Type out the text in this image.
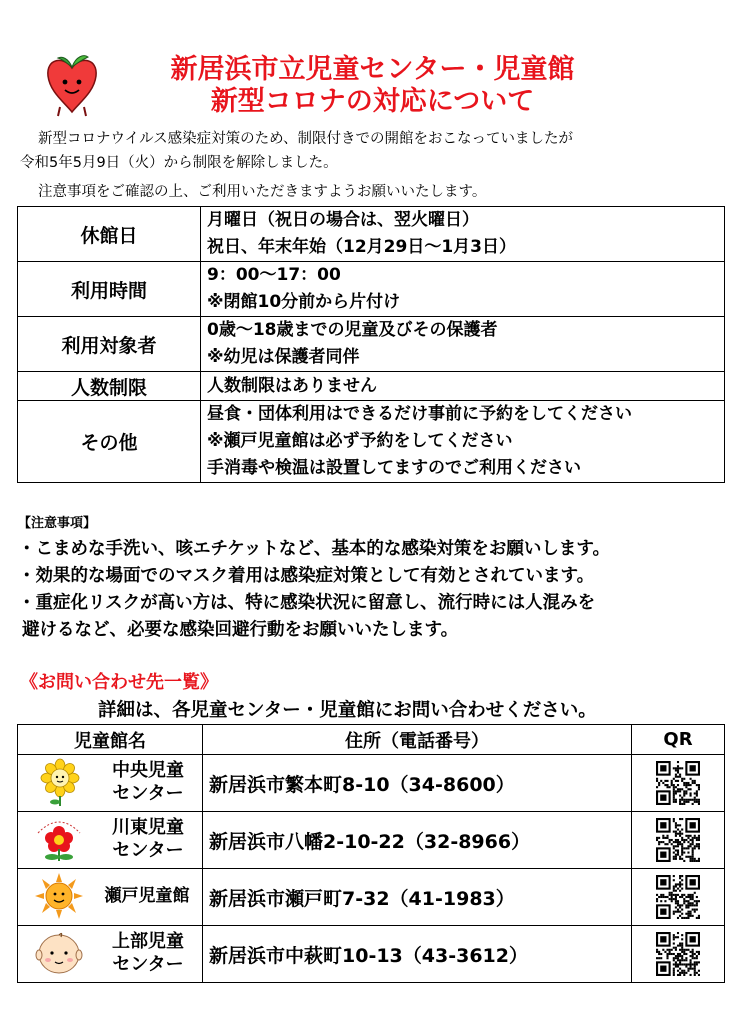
新居浜市立児童センター・児童館
新型コロナの対応について
新型コロナウイルス感染症対策のため、制限付きでの開館をおこなっていましたが
令和5年5月9日（火）から制限を解除しました。
注意事項をご確認の上、ご利用いただきますようお願いいたします。
休館日	月曜日（祝日の場合は、翌火曜日）
祝日、年末年始（12月29日～1月3日）

利用時間	9：00～17：00
※閉館10分前から片付け

利用対象者	0歳～18歳までの児童及びその保護者
※幼児は保護者同伴

人数制限	人数制限はありません

その他	昼食・団体利用はできるだけ事前に予約をしてください
※瀬戸児童館は必ず予約をしてください
手消毒や検温は設置してますのでご利用ください
【注意事項】
・こまめな手洗い、咳エチケットなど、基本的な感染対策をお願いします。
・効果的な場面でのマスク着用は感染症対策として有効とされています。
・重症化リスクが高い方は、特に感染状況に留意し、流行時には人混みを
避けるなど、必要な感染回避行動をお願いいたします。
《お問い合わせ先一覧》
詳細は、各児童センター・児童館にお問い合わせください。
児童館名	住所（電話番号）	QR

中央児童
センター	新居浜市繁本町8-10（34-8600）	

川東児童
センター	新居浜市八幡2-10-22（32-8966）	

瀬戸児童館	新居浜市瀬戸町7-32（41-1983）	

上部児童
センター	新居浜市中萩町10-13（43-3612）	
